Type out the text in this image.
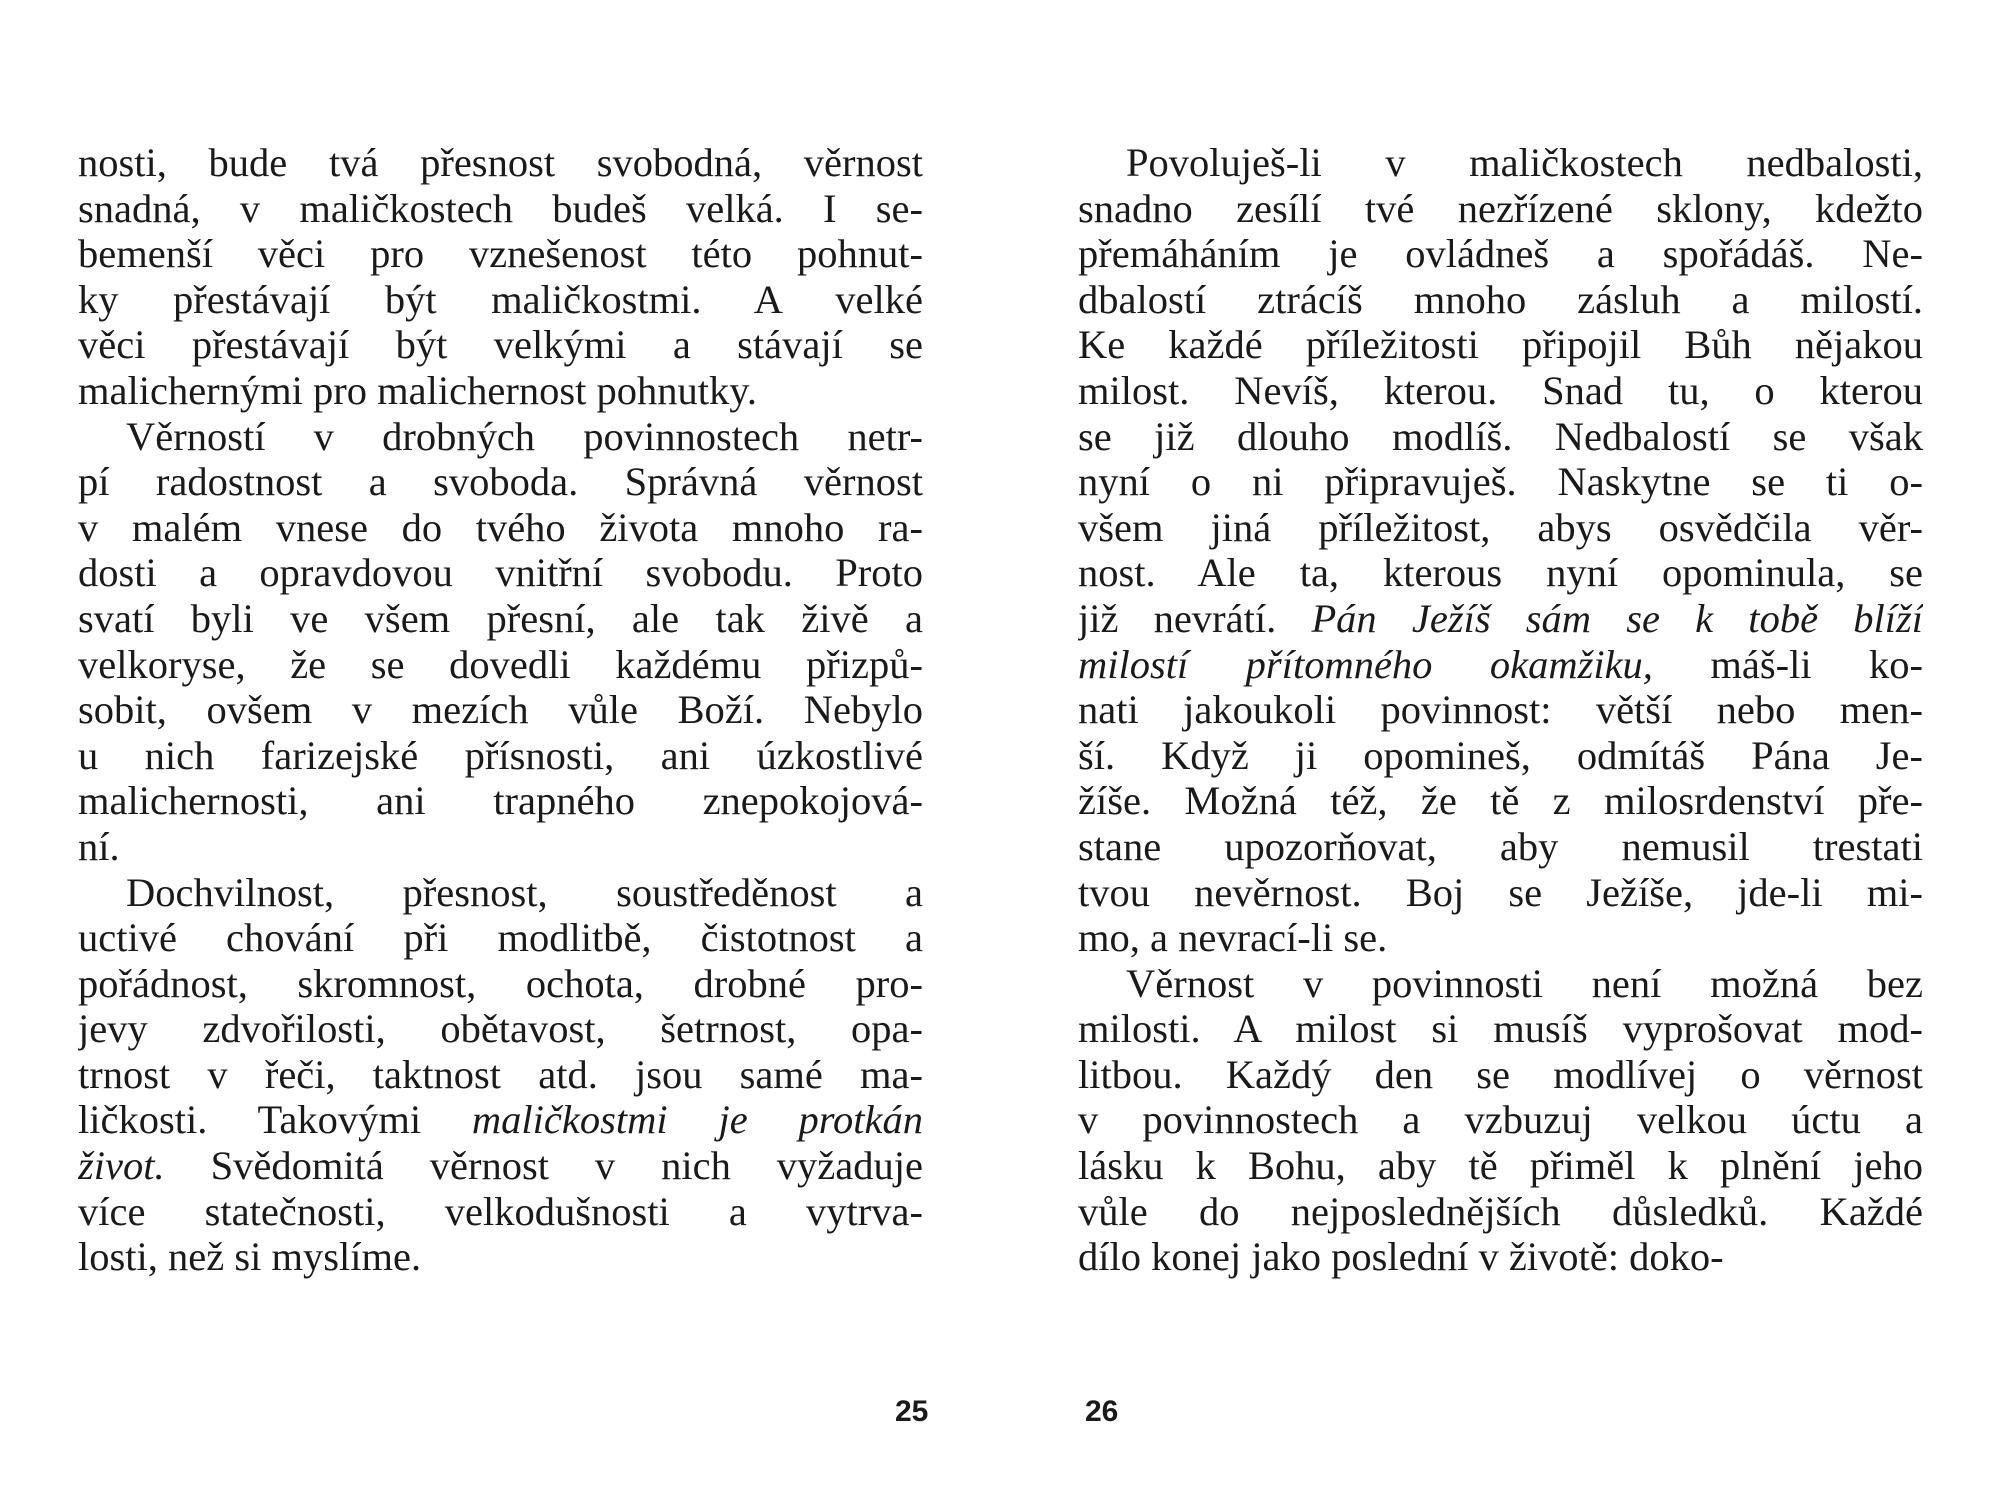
nosti, bude tvá přesnost svobodná, věrnost
snadná, v maličkostech budeš velká. I se-
bemenší věci pro vznešenost této pohnut-
ky přestávají být maličkostmi. A velké
věci přestávají být velkými a stávají se
malichernými pro malichernost pohnutky.
Věrností v drobných povinnostech netr-
pí radostnost a svoboda. Správná věrnost
v malém vnese do tvého života mnoho ra-
dosti a opravdovou vnitřní svobodu. Proto
svatí byli ve všem přesní, ale tak živě a
velkoryse, že se dovedli každému přizpů-
sobit, ovšem v mezích vůle Boží. Nebylo
u nich farizejské přísnosti, ani úzkostlivé
malichernosti, ani trapného znepokojová-
ní.
Dochvilnost, přesnost, soustředěnost a
uctivé chování při modlitbě, čistotnost a
pořádnost, skromnost, ochota, drobné pro-
jevy zdvořilosti, obětavost, šetrnost, opa-
trnost v řeči, taktnost atd. jsou samé ma-
ličkosti. Takovými maličkostmi je protkán
život. Svědomitá věrnost v nich vyžaduje
více statečnosti, velkodušnosti a vytrva-
losti, než si myslíme.
25
Povoluješ-li v maličkostech nedbalosti,
snadno zesílí tvé nezřízené sklony, kdežto
přemáháním je ovládneš a spořádáš. Ne-
dbalostí ztrácíš mnoho zásluh a milostí.
Ke každé příležitosti připojil Bůh nějakou
milost. Nevíš, kterou. Snad tu, o kterou
se již dlouho modlíš. Nedbalostí se však
nyní o ni připravuješ. Naskytne se ti o-
všem jiná příležitost, abys osvědčila věr-
nost. Ale ta, kterous nyní opominula, se
již nevrátí. Pán Ježíš sám se k tobě blíží
milostí přítomného okamžiku, máš-li ko-
nati jakoukoli povinnost: větší nebo men-
ší. Když ji opomineš, odmítáš Pána Je-
žíše. Možná též, že tě z milosrdenství pře-
stane upozorňovat, aby nemusil trestati
tvou nevěrnost. Boj se Ježíše, jde-li mi-
mo, a nevrací-li se.
Věrnost v povinnosti není možná bez
milosti. A milost si musíš vyprošovat mod-
litbou. Každý den se modlívej o věrnost
v povinnostech a vzbuzuj velkou úctu a
lásku k Bohu, aby tě přiměl k plnění jeho
vůle do nejposlednějších důsledků. Každé
dílo konej jako poslední v životě: doko-
26
